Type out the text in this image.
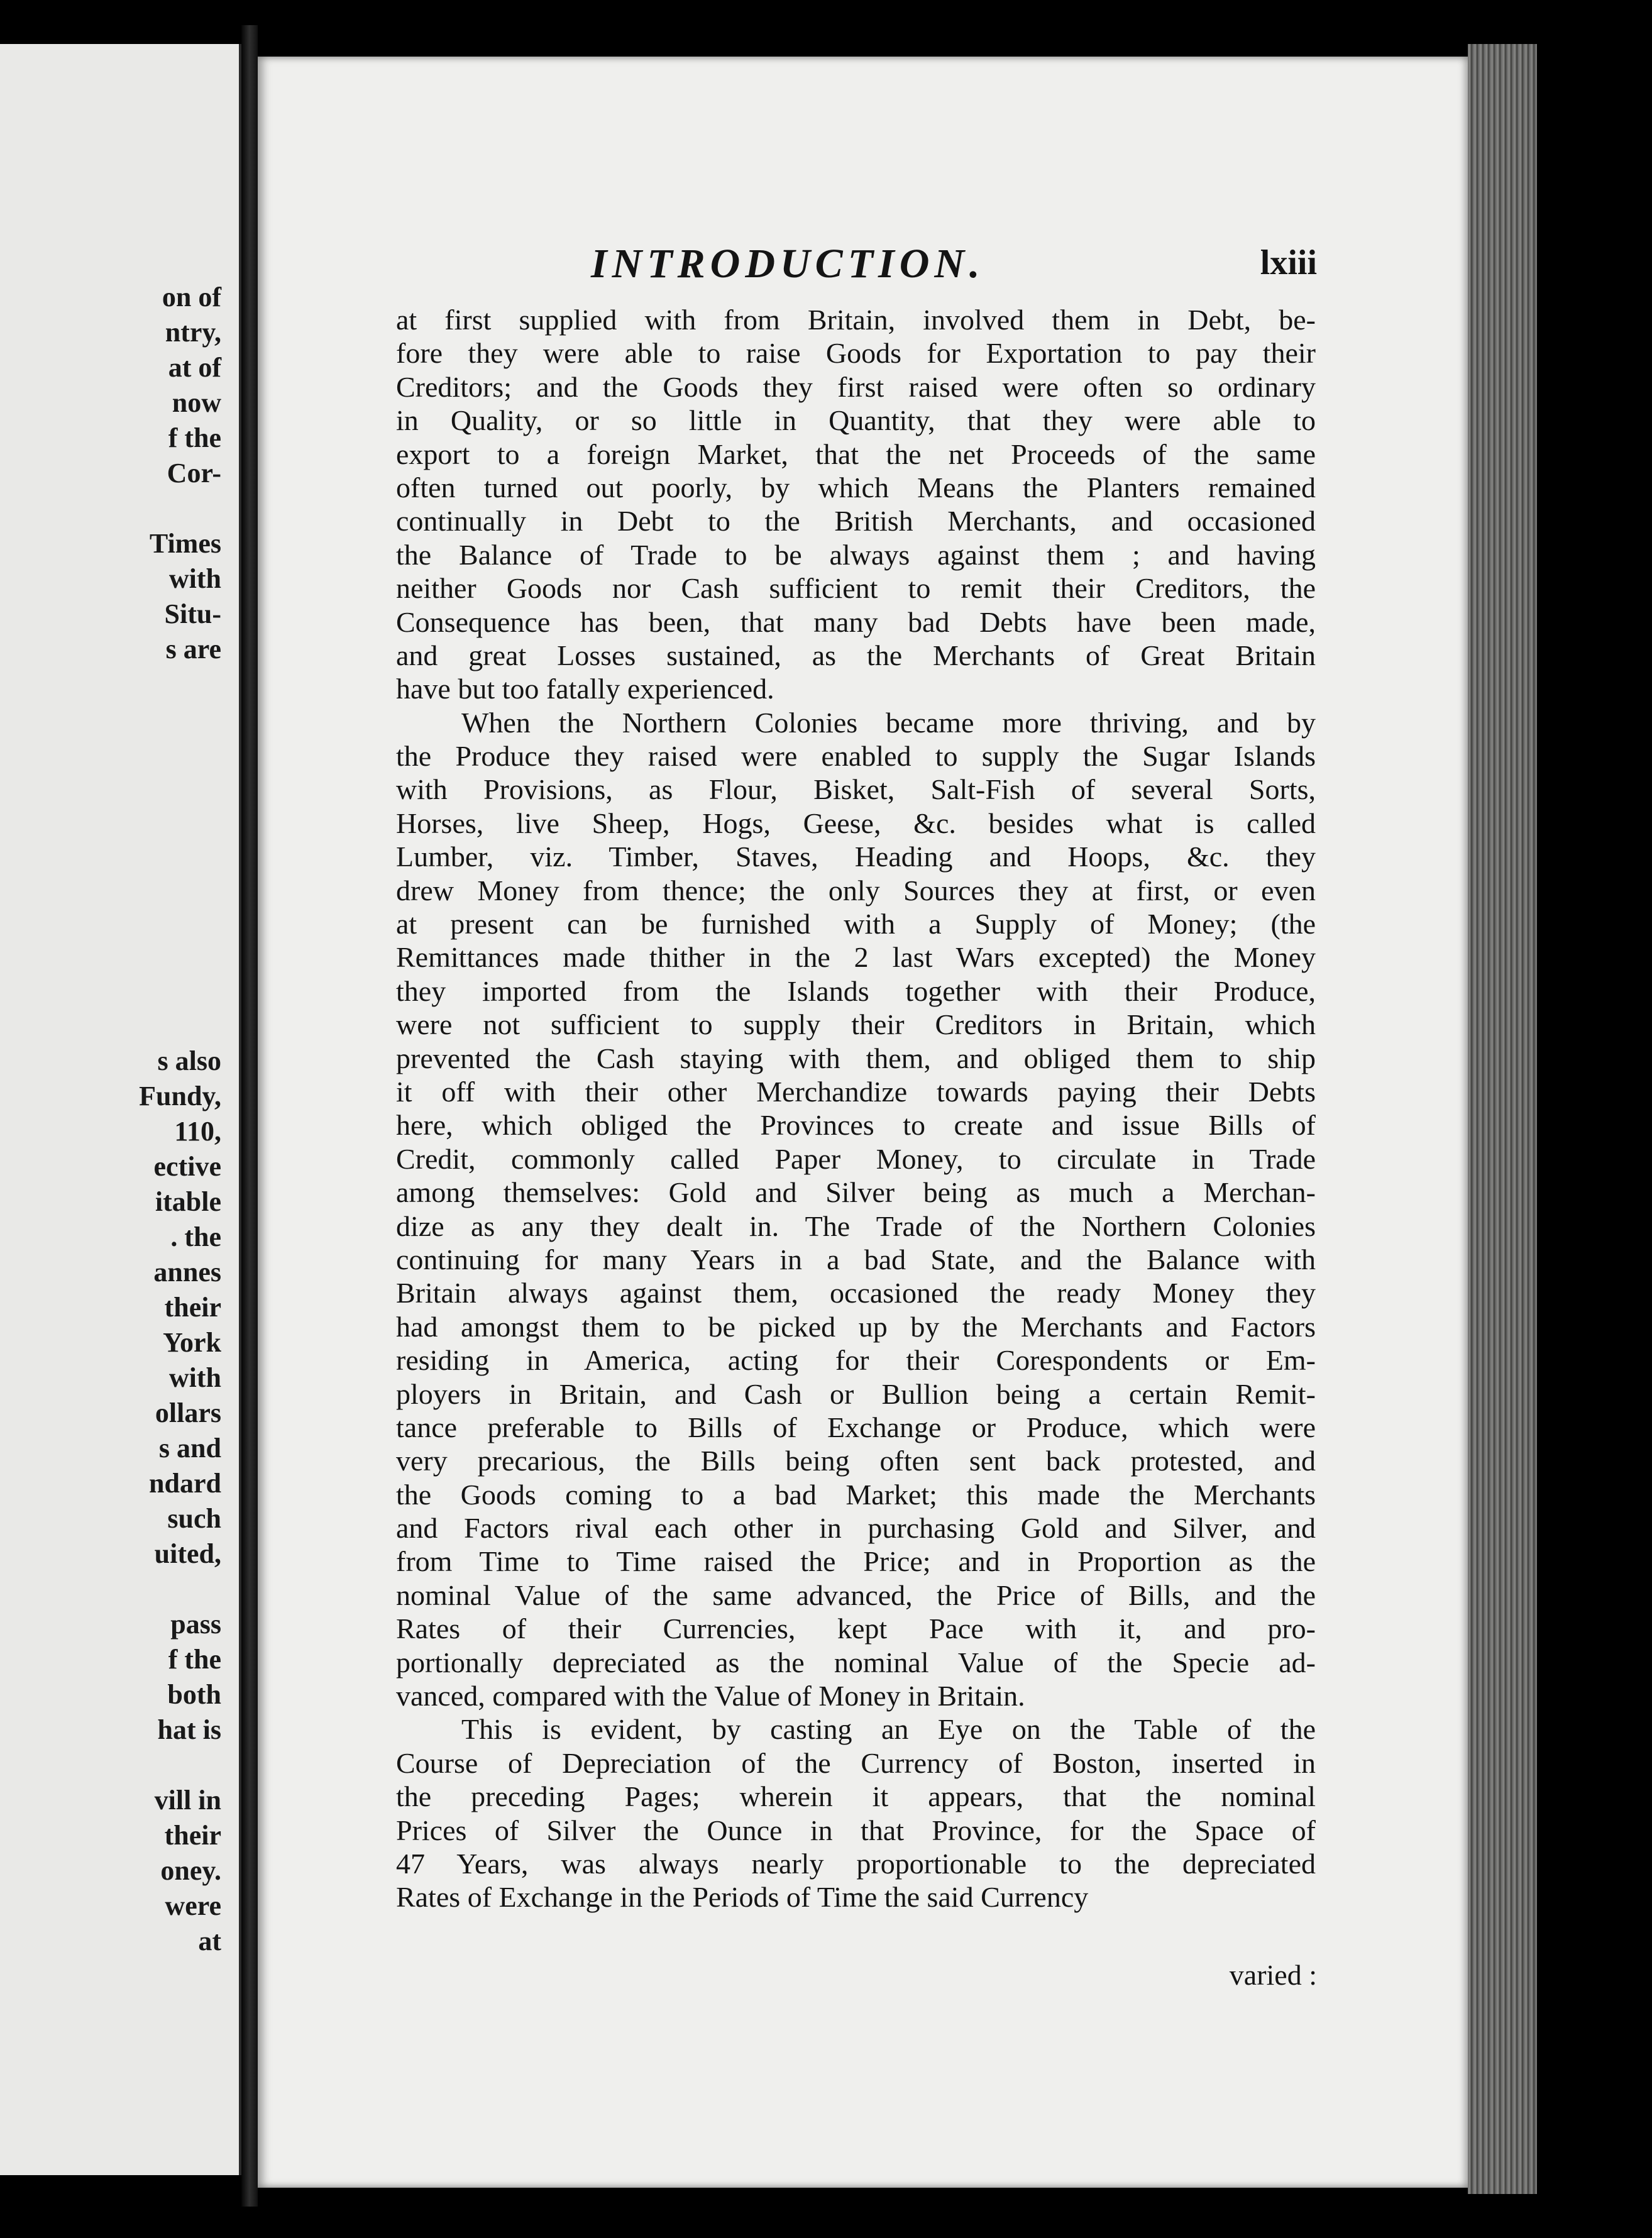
on of
ntry,
at of
now
f the
Cor-
Times
with
Situ-
s are
s also
Fundy,
110,
ective
itable
. the
annes
their
York
with
ollars
s and
ndard
such
uited,
pass
f the
both
hat is
vill in
their
oney.
were
at
INTRODUCTION.	lxiii
at first supplied with from Britain, involved them in Debt, be-
fore they were able to raise Goods for Exportation to pay their
Creditors; and the Goods they first raised were often so ordinary
in Quality, or so little in Quantity, that they were able to
export to a foreign Market, that the net Proceeds of the same
often turned out poorly, by which Means the Planters remained
continually in Debt to the British Merchants, and occasioned
the Balance of Trade to be always against them ; and having
neither Goods nor Cash sufficient to remit their Creditors, the
Consequence has been, that many bad Debts have been made,
and great Losses sustained, as the Merchants of Great Britain
have but too fatally experienced.
When the Northern Colonies became more thriving, and by
the Produce they raised were enabled to supply the Sugar Islands
with Provisions, as Flour, Bisket, Salt-Fish of several Sorts,
Horses, live Sheep, Hogs, Geese, &c. besides what is called
Lumber, viz. Timber, Staves, Heading and Hoops, &c. they
drew Money from thence; the only Sources they at first, or even
at present can be furnished with a Supply of Money; (the
Remittances made thither in the 2 last Wars excepted) the Money
they imported from the Islands together with their Produce,
were not sufficient to supply their Creditors in Britain, which
prevented the Cash staying with them, and obliged them to ship
it off with their other Merchandize towards paying their Debts
here, which obliged the Provinces to create and issue Bills of
Credit, commonly called Paper Money, to circulate in Trade
among themselves: Gold and Silver being as much a Merchan-
dize as any they dealt in. The Trade of the Northern Colonies
continuing for many Years in a bad State, and the Balance with
Britain always against them, occasioned the ready Money they
had amongst them to be picked up by the Merchants and Factors
residing in America, acting for their Corespondents or Em-
ployers in Britain, and Cash or Bullion being a certain Remit-
tance preferable to Bills of Exchange or Produce, which were
very precarious, the Bills being often sent back protested, and
the Goods coming to a bad Market; this made the Merchants
and Factors rival each other in purchasing Gold and Silver, and
from Time to Time raised the Price; and in Proportion as the
nominal Value of the same advanced, the Price of Bills, and the
Rates of their Currencies, kept Pace with it, and pro-
portionally depreciated as the nominal Value of the Specie ad-
vanced, compared with the Value of Money in Britain.
This is evident, by casting an Eye on the Table of the
Course of Depreciation of the Currency of Boston, inserted in
the preceding Pages; wherein it appears, that the nominal
Prices of Silver the Ounce in that Province, for the Space of
47 Years, was always nearly proportionable to the depreciated
Rates of Exchange in the Periods of Time the said Currency
varied :
